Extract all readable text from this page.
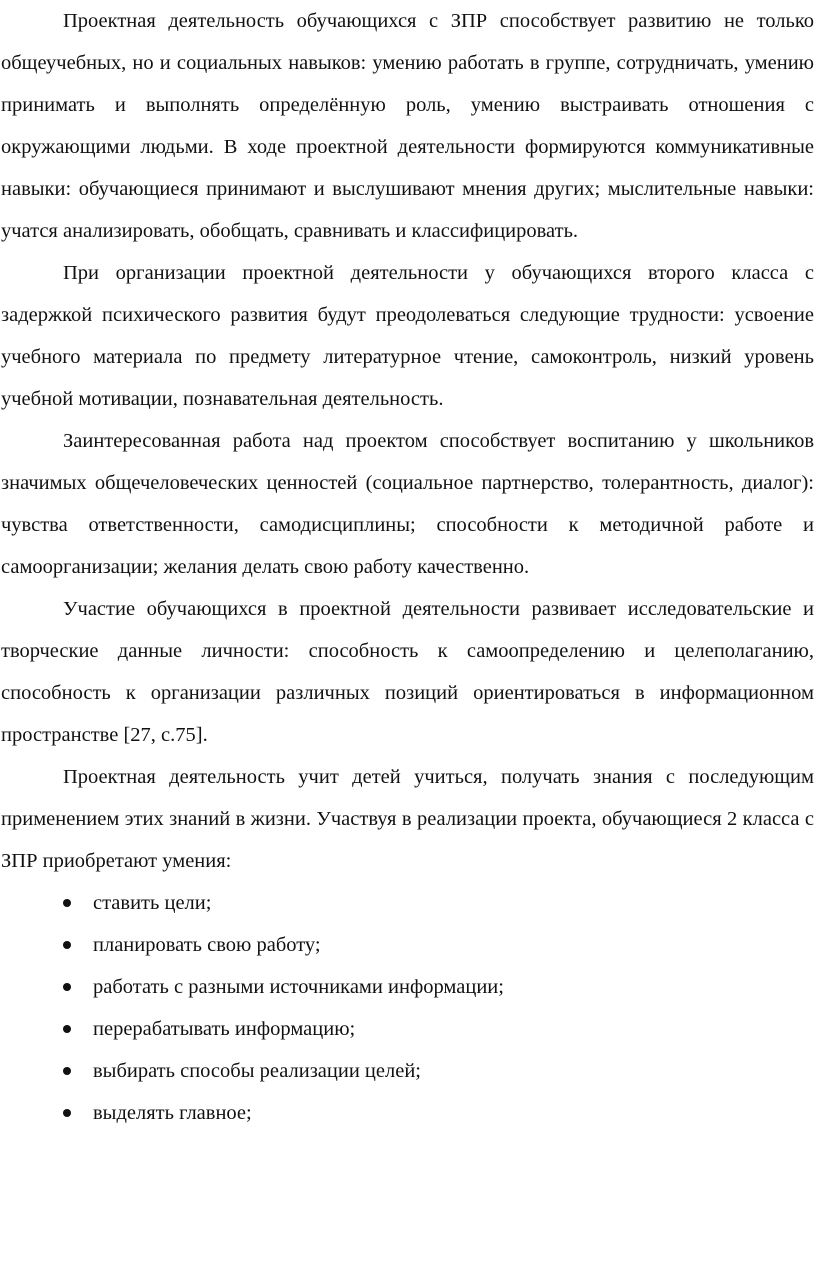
Проектная деятельность обучающихся с ЗПР способствует развитию не только общеучебных, но и социальных навыков: умению работать в группе, сотрудничать, умению принимать и выполнять определённую роль, умению выстраивать отношения с окружающими людьми. В ходе проектной деятельности формируются коммуникативные навыки: обучающиеся принимают и выслушивают мнения других; мыслительные навыки: учатся анализировать, обобщать, сравнивать и классифицировать.

При организации проектной деятельности у обучающихся второго класса с задержкой психического развития будут преодолеваться следующие трудности: усвоение учебного материала по предмету литературное чтение, самоконтроль, низкий уровень учебной мотивации, познавательная деятельность.

Заинтересованная работа над проектом способствует воспитанию у школьников значимых общечеловеческих ценностей (социальное партнерство, толерантность, диалог): чувства ответственности, самодисциплины; способности к методичной работе и самоорганизации; желания делать свою работу качественно.

Участие обучающихся в проектной деятельности развивает исследовательские и творческие данные личности: способность к самоопределению и целеполаганию, способность к организации различных позиций ориентироваться в информационном пространстве [27, с.75].

Проектная деятельность учит детей учиться, получать знания с последующим применением этих знаний в жизни. Участвуя в реализации проекта, обучающиеся 2 класса с ЗПР приобретают умения:

ставить цели;
планировать свою работу;
работать с разными источниками информации;
перерабатывать информацию;
выбирать способы реализации целей;
выделять главное;
